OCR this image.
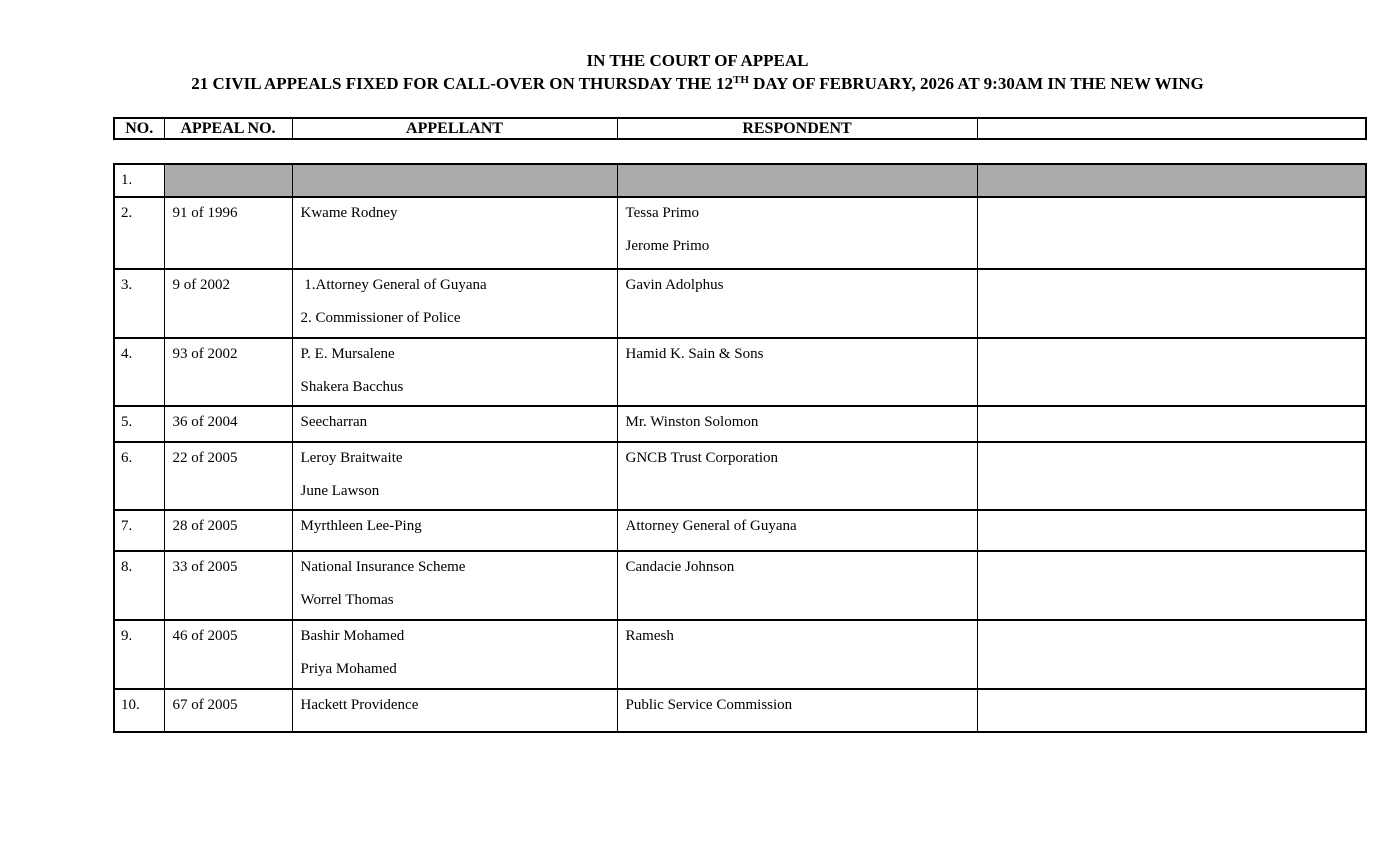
IN THE COURT OF APPEAL
21 CIVIL APPEALS FIXED FOR CALL-OVER ON THURSDAY THE 12TH DAY OF FEBRUARY, 2026 AT 9:30AM IN THE NEW WING
NO.	APPEAL NO.	APPELLANT	RESPONDENT	
1.				
2.	91 of 1996	Kwame Rodney	Tessa Primo
Jerome Primo	

3.	9 of 2002	1.Attorney General of Guyana
2. Commissioner of Police	Gavin Adolphus	

4.	93 of 2002	P. E. Mursalene
Shakera Bacchus	Hamid K. Sain & Sons	

5.	36 of 2004	Seecharran	Mr. Winston Solomon	

6.	22 of 2005	Leroy Braitwaite
June Lawson	GNCB Trust Corporation	

7.	28 of 2005	Myrthleen Lee-Ping	Attorney General of Guyana	

8.	33 of 2005	National Insurance Scheme
Worrel Thomas	Candacie Johnson	

9.	46 of 2005	Bashir Mohamed
Priya Mohamed	Ramesh	

10.	67 of 2005	Hackett Providence	Public Service Commission	
